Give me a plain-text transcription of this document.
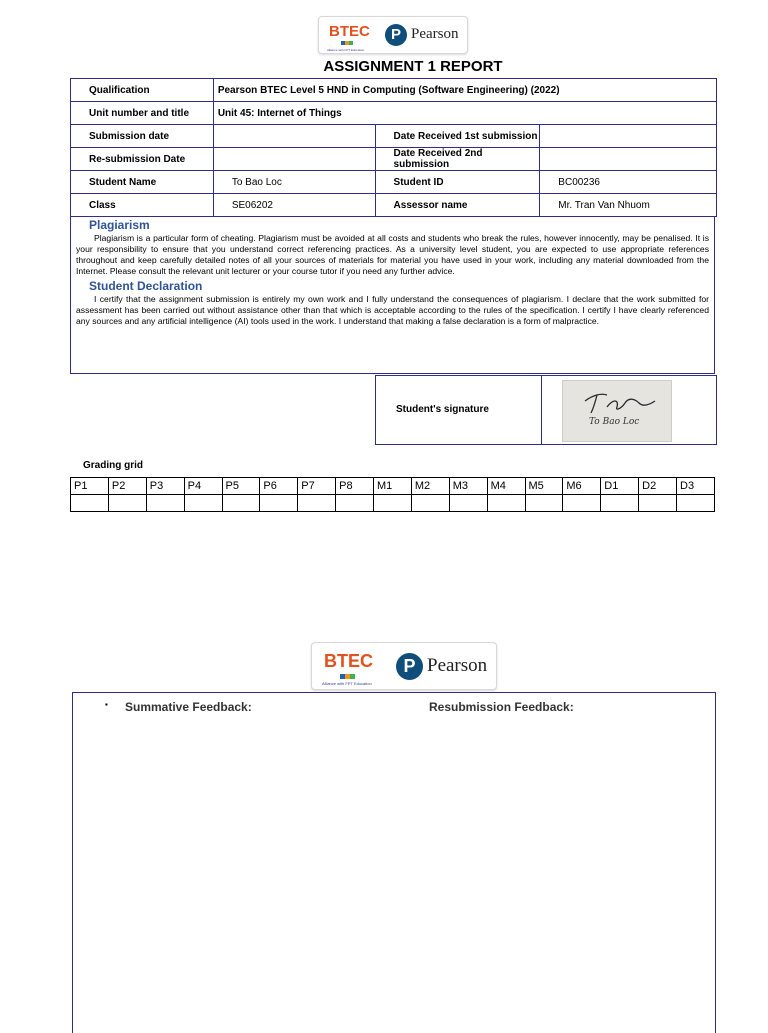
BTEC
Alliance with FPT Education
P Pearson
ASSIGNMENT 1 REPORT
Qualification	Pearson BTEC Level 5 HND in Computing (Software Engineering) (2022)		
Unit number and title	Unit 45: Internet of Things		
Submission date		Date Received 1st submission	
Re-submission Date		Date Received 2nd submission	
Student Name	To Bao Loc	Student ID	BC00236
Class	SE06202	Assessor name	Mr. Tran Van Nhuom
Plagiarism

Plagiarism is a particular form of cheating. Plagiarism must be avoided at all costs and students who break the rules, however innocently, may be penalised. It is your responsibility to ensure that you understand correct referencing practices. As a university level student, you are expected to use appropriate references throughout and keep carefully detailed notes of all your sources of materials for material you have used in your work, including any material downloaded from the Internet. Please consult the relevant unit lecturer or your course tutor if you need any further advice.

Student Declaration

I certify that the assignment submission is entirely my own work and I fully understand the consequences of plagiarism. I declare that the work submitted for assessment has been carried out without assistance other than that which is acceptable according to the rules of the specification. I certify I have clearly referenced any sources and any artificial intelligence (AI) tools used in the work. I understand that making a false declaration is a form of malpractice.

Student's signature
To Bao Loc
Grading grid
P1	P2	P3	P4	P5	P6	P7	P8	M1	M2	M3	M4	M5	M6	D1	D2	D3

BTEC
Alliance with FPT Education
P Pearson
▪ Summative Feedback:	Resubmission Feedback:
